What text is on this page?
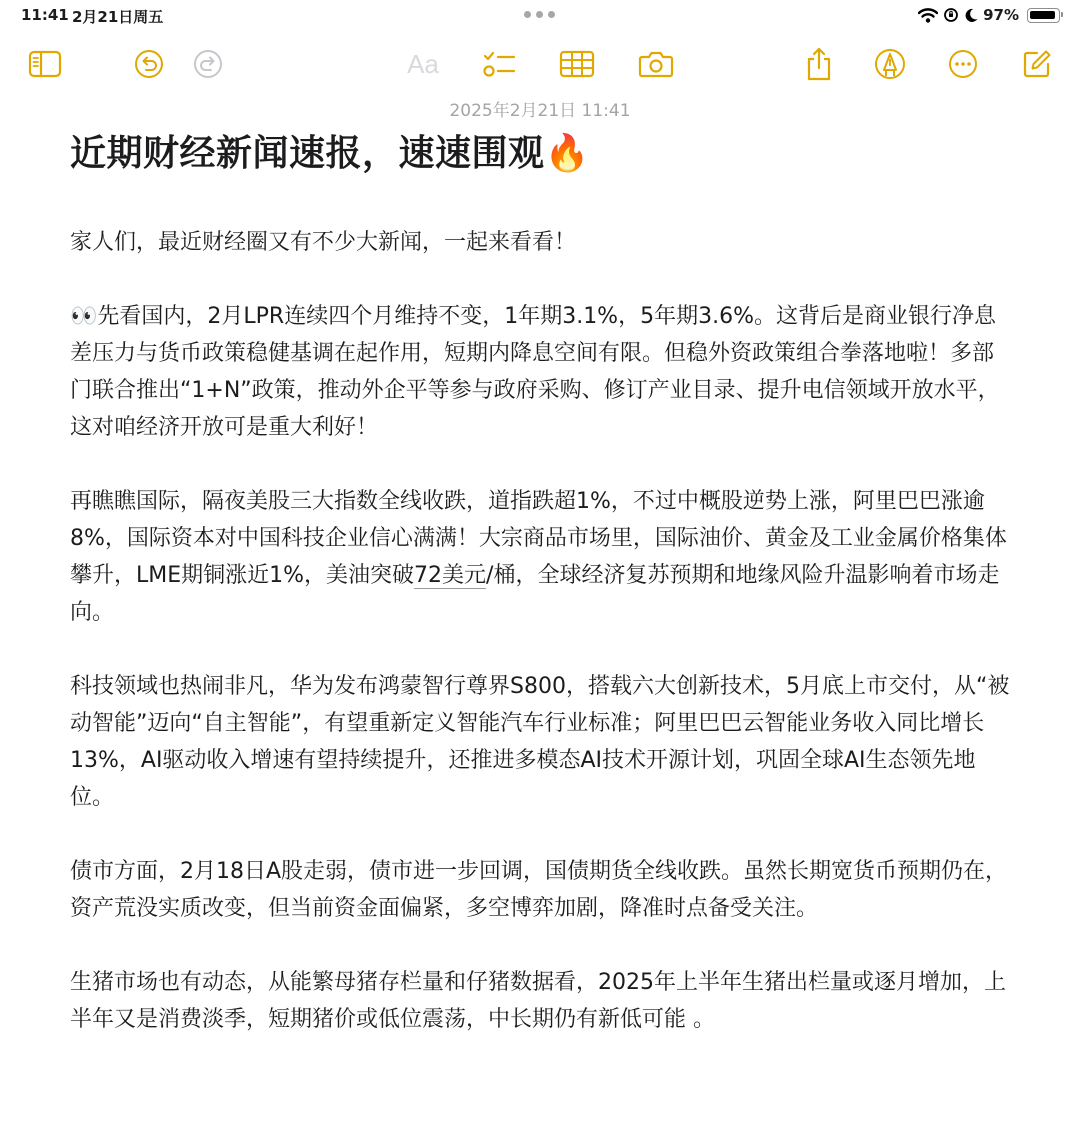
11:41 2月21日周五	97%
Aa
2025年2月21日 11:41
近期财经新闻速报，速速围观🔥

家人们，最近财经圈又有不少大新闻，一起来看看！

👀先看国内，2月LPR连续四个月维持不变，1年期3.1%，5年期3.6%。这背后是商业银行净息差压力与货币政策稳健基调在起作用，短期内降息空间有限。但稳外资政策组合拳落地啦！多部门联合推出“1+N”政策，推动外企平等参与政府采购、修订产业目录、提升电信领域开放水平，这对咱经济开放可是重大利好！

再瞧瞧国际，隔夜美股三大指数全线收跌，道指跌超1%，不过中概股逆势上涨，阿里巴巴涨逾8%，国际资本对中国科技企业信心满满！大宗商品市场里，国际油价、黄金及工业金属价格集体攀升，LME期铜涨近1%，美油突破72美元/桶，全球经济复苏预期和地缘风险升温影响着市场走向。

科技领域也热闹非凡，华为发布鸿蒙智行尊界S800，搭载六大创新技术，5月底上市交付，从“被动智能”迈向“自主智能”，有望重新定义智能汽车行业标准；阿里巴巴云智能业务收入同比增长13%，AI驱动收入增速有望持续提升，还推进多模态AI技术开源计划，巩固全球AI生态领先地位。

债市方面，2月18日A股走弱，债市进一步回调，国债期货全线收跌。虽然长期宽货币预期仍在，资产荒没实质改变，但当前资金面偏紧，多空博弈加剧，降准时点备受关注。

生猪市场也有动态，从能繁母猪存栏量和仔猪数据看，2025年上半年生猪出栏量或逐月增加，上半年又是消费淡季，短期猪价或低位震荡，中长期仍有新低可能 。
